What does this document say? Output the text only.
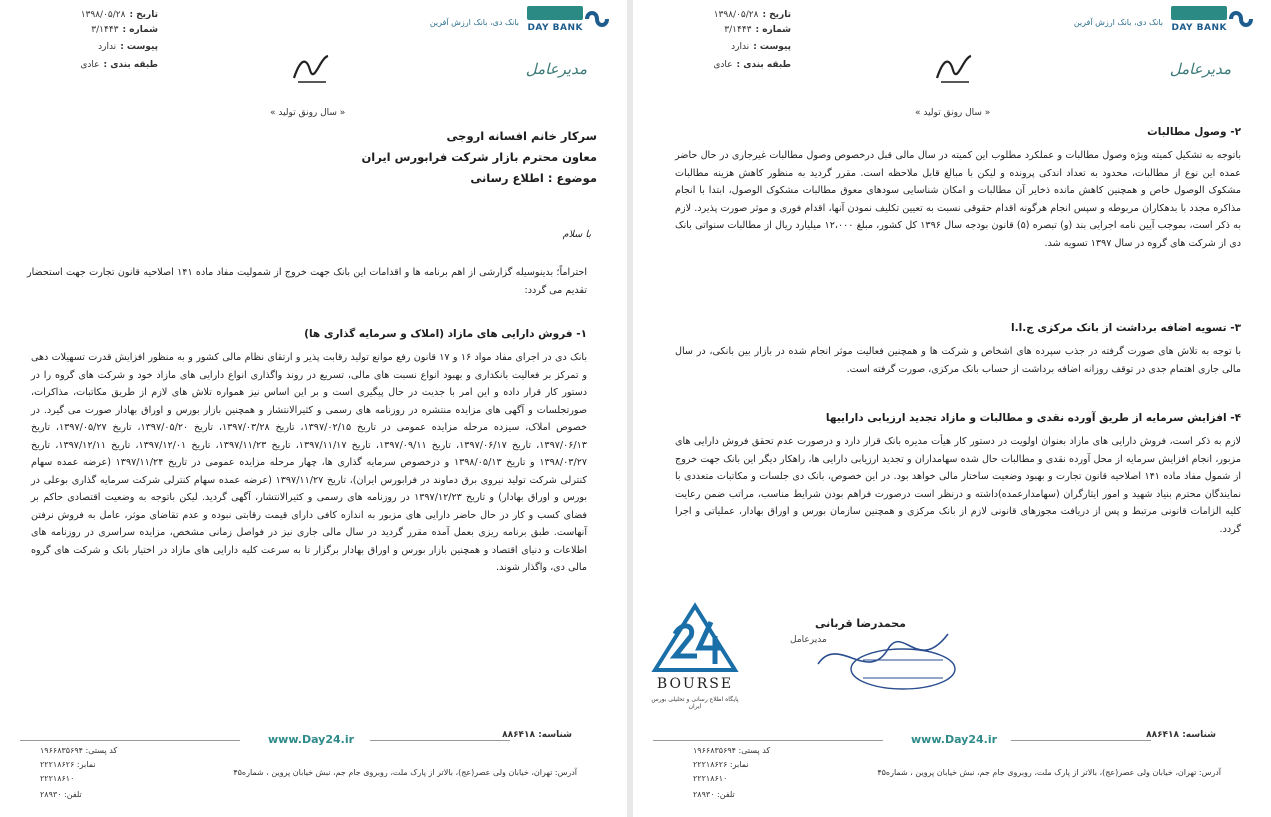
DAY BANK
بانک دی، بانک ارزش آفرین
تاریخ :۱۳۹۸/۰۵/۲۸
شماره :۳/۱۴۴۳
پیوست :ندارد
طبقه بندی :عادی	مدیرعامل
« سال رونق تولید »
سرکار خانم افسانه اروجی
معاون محترم بازار شرکت فرابورس ایران
موضوع : اطلاع رسانی
با سلام
احتراماً؛ بدینوسیله گزارشی از اهم برنامه ها و اقدامات این بانک جهت خروج از شمولیت مفاد ماده ۱۴۱ اصلاحیه قانون تجارت جهت استحضار تقدیم می گردد:
۱- فروش دارایی های مازاد (املاک و سرمایه گذاری ها)
بانک دی در اجرای مفاد مواد ۱۶ و ۱۷ قانون رفع موانع تولید رقابت پذیر و ارتقای نظام مالی کشور و به منظور افزایش قدرت تسهیلات دهی و تمرکز بر فعالیت بانکداری و بهبود انواع نسبت های مالی، تسریع در روند واگذاری انواع دارایی های مازاد خود و شرکت های گروه را در دستور کار قرار داده و این امر با جدیت در حال پیگیری است و بر این اساس نیز همواره تلاش های لازم از طریق مکاتبات، مذاکرات، صورتجلسات و آگهی های مزایده منتشره در روزنامه های رسمی و کثیرالانتشار و همچنین بازار بورس و اوراق بهادار صورت می گیرد. در خصوص املاک، سیزده مرحله مزایده عمومی در تاریخ ۱۳۹۷/۰۲/۱۵، تاریخ ۱۳۹۷/۰۳/۲۸، تاریخ ۱۳۹۷/۰۵/۲۰، تاریخ ۱۳۹۷/۰۵/۲۷، تاریخ ۱۳۹۷/۰۶/۱۳، تاریخ ۱۳۹۷/۰۶/۱۷، تاریخ ۱۳۹۷/۰۹/۱۱، تاریخ ۱۳۹۷/۱۱/۱۷، تاریخ ۱۳۹۷/۱۱/۲۳، تاریخ ۱۳۹۷/۱۲/۰۱، تاریخ ۱۳۹۷/۱۲/۱۱، تاریخ ۱۳۹۸/۰۳/۲۷ و تاریخ ۱۳۹۸/۰۵/۱۳ و درخصوص سرمایه گذاری ها، چهار مرحله مزایده عمومی در تاریخ ۱۳۹۷/۱۱/۲۴ (عرضه عمده سهام کنترلی شرکت تولید نیروی برق دماوند در فرابورس ایران)، تاریخ ۱۳۹۷/۱۱/۲۷ (عرضه عمده سهام کنترلی شرکت سرمایه گذاری بوعلی در بورس و اوراق بهادار) و تاریخ ۱۳۹۷/۱۲/۲۳ در روزنامه های رسمی و کثیرالانتشار، آگهی گردید. لیکن باتوجه به وضعیت اقتصادی حاکم بر فضای کسب و کار در حال حاضر دارایی های مزبور به اندازه کافی دارای قیمت رقابتی نبوده و عدم تقاضای موثر، عامل به فروش نرفتن آنهاست. طبق برنامه ریزی بعمل آمده مقرر گردید در سال مالی جاری نیز در فواصل زمانی مشخص، مزایده سراسری در روزنامه های اطلاعات و دنیای اقتصاد و همچنین بازار بورس و اوراق بهادار برگزار تا به سرعت کلیه دارایی های مازاد در اختیار بانک و شرکت های گروه مالی دی، واگذار شوند.
شناسه: ۸۸۶۴۱۸
www.Day24.ir
آدرس: تهران، خیابان ولی عصر(عج)، بالاتر از پارک ملت، روبروی جام جم، نبش خیابان پروین ، شماره۴۵
کد پستی: ۱۹۶۶۸۳۵۶۹۴
نمابر: ۲۲۲۱۸۶۲۶
۲۲۲۱۸۶۱۰
تلفن: ۲۸۹۳۰
DAY BANK
بانک دی، بانک ارزش آفرین
تاریخ :۱۳۹۸/۰۵/۲۸
شماره :۳/۱۴۴۳
پیوست :ندارد
طبقه بندی :عادی	مدیرعامل
« سال رونق تولید »
۲- وصول مطالبات
باتوجه به تشکیل کمیته ویژه وصول مطالبات و عملکرد مطلوب این کمیته در سال مالی قبل درخصوص وصول مطالبات غیرجاری در حال حاضر عمده این نوع از مطالبات، محدود به تعداد اندکی پرونده و لیکن با مبالغ قابل ملاحظه است. مقرر گردید به منظور کاهش هزینه مطالبات مشکوک الوصول خاص و همچنین کاهش مانده ذخایر آن مطالبات و امکان شناسایی سودهای معوق مطالبات مشکوک الوصول، ابتدا با انجام مذاکره مجدد با بدهکاران مربوطه و سپس انجام هرگونه اقدام حقوقی نسبت به تعیین تکلیف نمودن آنها، اقدام فوری و موثر صورت پذیرد. لازم به ذکر است، بموجب آیین نامه اجرایی بند (و) تبصره (۵) قانون بودجه سال ۱۳۹۶ کل کشور، مبلغ ۱۲،۰۰۰ میلیارد ریال از مطالبات سنواتی بانک دی از شرکت های گروه در سال ۱۳۹۷ تسویه شد.
۳- تسویه اضافه برداشت از بانک مرکزی ج.ا.ا
با توجه به تلاش های صورت گرفته در جذب سپرده های اشخاص و شرکت ها و همچنین فعالیت موثر انجام شده در بازار بین بانکی، در سال مالی جاری اهتمام جدی در توقف روزانه اضافه برداشت از حساب بانک مرکزی، صورت گرفته است.
۴- افزایش سرمایه از طریق آورده نقدی و مطالبات و مازاد تجدید ارزیابی داراییها
لازم به ذکر است، فروش دارایی های مازاد بعنوان اولویت در دستور کار هیأت مدیره بانک قرار دارد و درصورت عدم تحقق فروش دارایی های مزبور، انجام افزایش سرمایه از محل آورده نقدی و مطالبات حال شده سهامداران و تجدید ارزیابی دارایی ها، راهکار دیگر این بانک جهت خروج از شمول مفاد ماده ۱۴۱ اصلاحیه قانون تجارت و بهبود وضعیت ساختار مالی خواهد بود. در این خصوص، بانک دی جلسات و مکاتبات متعددی با نمایندگان محترم بنیاد شهید و امور ایثارگران (سهامدارعمده)داشته و درنظر است درصورت فراهم بودن شرایط مناسب، مراتب ضمن رعایت کلیه الزامات قانونی مرتبط و پس از دریافت مجوزهای قانونی لازم از بانک مرکزی و همچنین سازمان بورس و اوراق بهادار، عملیاتی و اجرا گردد.
شناسه: ۸۸۶۴۱۸
www.Day24.ir
آدرس: تهران، خیابان ولی عصر(عج)، بالاتر از پارک ملت، روبروی جام جم، نبش خیابان پروین ، شماره۴۵
کد پستی: ۱۹۶۶۸۳۵۶۹۴
نمابر: ۲۲۲۱۸۶۲۶
۲۲۲۱۸۶۱۰
تلفن: ۲۸۹۳۰
محمدرضا قربانی
مدیرعامل
BOURSE
پایگاه اطلاع رسانی و تحلیلی بورس ایران
